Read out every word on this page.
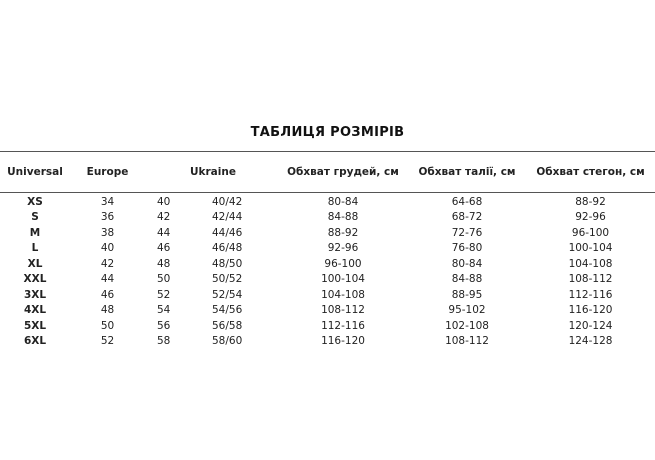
ТАБЛИЦЯ РОЗМІРІВ
Universal	Europe	Ukraine		Обхват грудей, см	Обхват талії, см	Обхват стегон, см
XS	34	40	40/42	80-84	64-68	88-92
S	36	42	42/44	84-88	68-72	92-96
M	38	44	44/46	88-92	72-76	96-100
L	40	46	46/48	92-96	76-80	100-104
XL	42	48	48/50	96-100	80-84	104-108
XXL	44	50	50/52	100-104	84-88	108-112
3XL	46	52	52/54	104-108	88-95	112-116
4XL	48	54	54/56	108-112	95-102	116-120
5XL	50	56	56/58	112-116	102-108	120-124
6XL	52	58	58/60	116-120	108-112	124-128
